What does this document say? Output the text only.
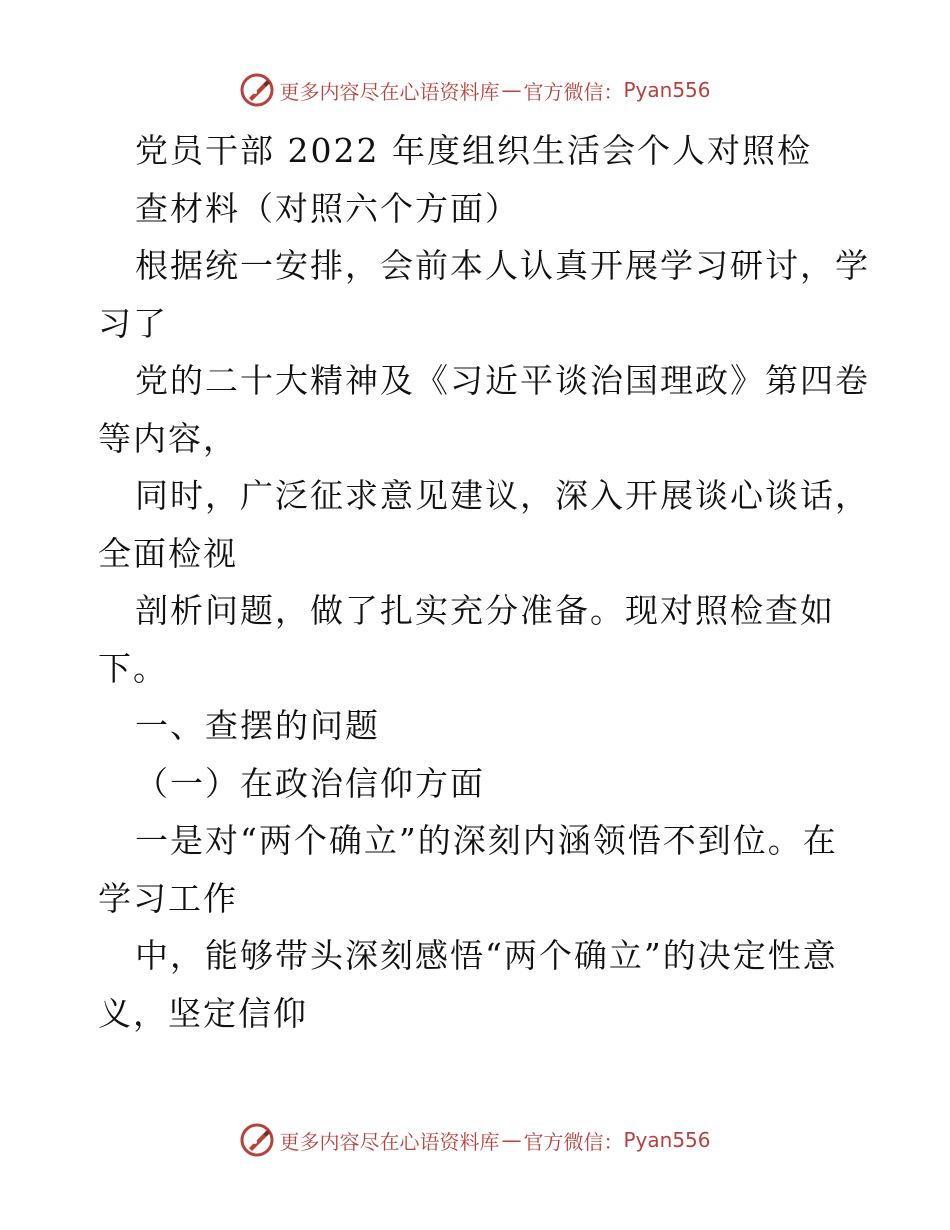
更多内容尽在心语资料库 — 官方微信： Pyan556
党员干部 2022 年度组织生活会个人对照检
查材料（对照六个方面）
根据统一安排，会前本人认真开展学习研讨，学
习了
党的二十大精神及《习近平谈治国理政》第四卷
等内容，
同时，广泛征求意见建议，深入开展谈心谈话，
全面检视
剖析问题，做了扎实充分准备。现对照检查如
下。
一、查摆的问题
（一）在政治信仰方面
一是对“两个确立”的深刻内涵领悟不到位。在
学习工作
中，能够带头深刻感悟“两个确立”的决定性意
义，坚定信仰
更多内容尽在心语资料库 — 官方微信： Pyan556
